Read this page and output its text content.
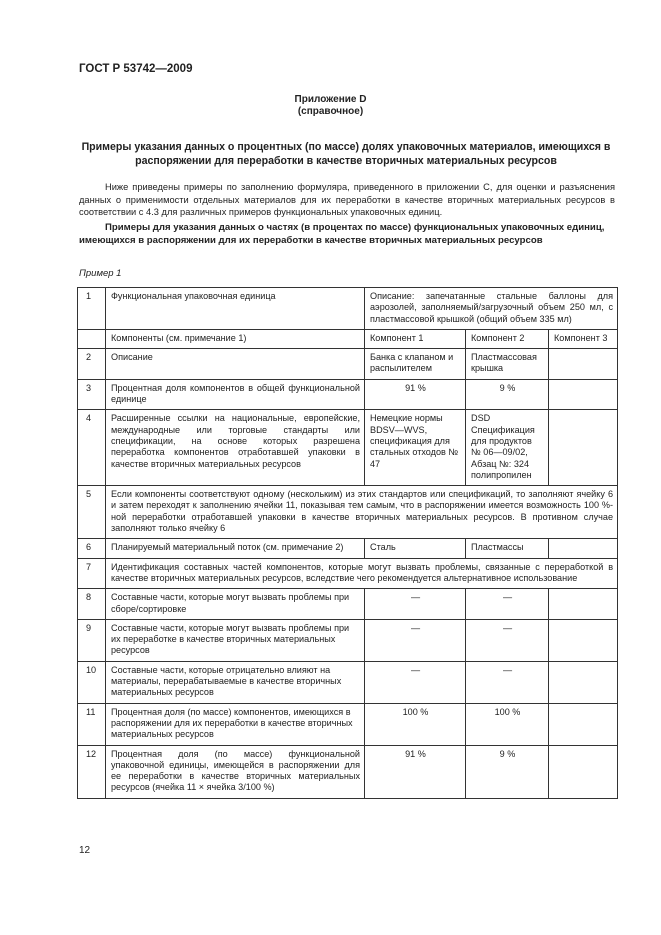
ГОСТ Р 53742—2009
Приложение D
(справочное)
Примеры указания данных о процентных (по массе) долях упаковочных материалов, имеющихся в распоряжении для переработки в качестве вторичных материальных ресурсов
Ниже приведены примеры по заполнению формуляра, приведенного в приложении С, для оценки и разъяснения данных о применимости отдельных материалов для их переработки в качестве вторичных материальных ресурсов в соответствии с 4.3 для различных примеров функциональных упаковочных единиц.
Примеры для указания данных о частях (в процентах по массе) функциональных упаковочных единиц, имеющихся в распоряжении для их переработки в качестве вторичных материальных ресурсов
Пример 1
1	Функциональная упаковочная единица	Описание: запечатанные стальные баллоны для аэрозолей, заполняемый/загрузочный объем 250 мл, с пластмассовой крышкой (общий объем 335 мл)		
	Компоненты (см. примечание 1)	Компонент 1	Компонент 2	Компонент 3
2	Описание	Банка с клапаном и распылителем	Пластмассовая крышка	
3	Процентная доля компонентов в общей функциональной единице	91 %	9 %	
4	Расширенные ссылки на национальные, европейские, международные или торговые стандарты или спецификации, на основе которых разрешена переработка компонентов отработавшей упаковки в качестве вторичных материальных ресурсов	Немецкие нормы BDSV—WVS, спецификация для стальных отходов № 47	DSD Спецификация для продуктов № 06—09/02, Абзац №: 324 полипропилен	
5	Если компоненты соответствуют одному (нескольким) из этих стандартов или спецификаций, то заполняют ячейку 6 и затем переходят к заполнению ячейки 11, показывая тем самым, что в распоряжении имеется возможность 100 %-ной переработки отработавшей упаковки в качестве вторичных материальных ресурсов. В противном случае заполняют только ячейку 6			
6	Планируемый материальный поток (см. примечание 2)	Сталь	Пластмассы	
7	Идентификация составных частей компонентов, которые могут вызвать проблемы, связанные с переработкой в качестве вторичных материальных ресурсов, вследствие чего рекомендуется альтернативное использование			
8	Составные части, которые могут вызвать проблемы при сборе/сортировке	—	—	
9	Составные части, которые могут вызвать проблемы при их переработке в качестве вторичных материальных ресурсов	—	—	
10	Составные части, которые отрицательно влияют на материалы, перерабатываемые в качестве вторичных материальных ресурсов	—	—	
11	Процентная доля (по массе) компонентов, имеющихся в распоряжении для их переработки в качестве вторичных материальных ресурсов	100 %	100 %	
12	Процентная доля (по массе) функциональной упаковочной единицы, имеющейся в распоряжении для ее переработки в качестве вторичных материальных ресурсов (ячейка 11 × ячейка 3/100 %)	91 %	9 %	
12
